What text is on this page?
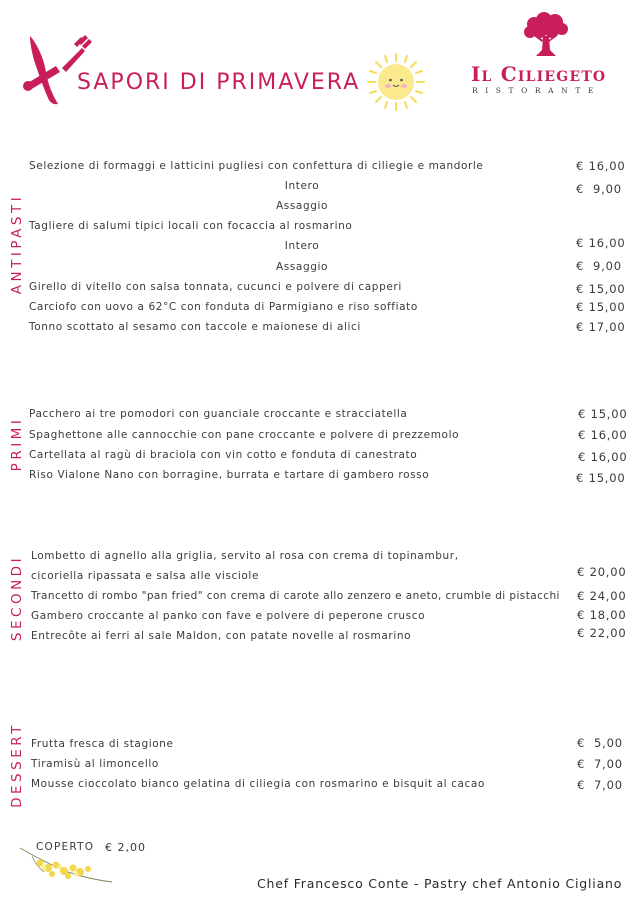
SAPORI DI PRIMAVERA	Il Ciliegeto
RISTORANTE
ANTIPASTI
Selezione di formaggi e latticini pugliesi con confettura di ciliegie e mandorle	€ 16,00
Intero	€  9,00
Assaggio
Tagliere di salumi tipici locali con focaccia al rosmarino
Intero	€ 16,00
Assaggio	€  9,00
Girello di vitello con salsa tonnata, cucunci e polvere di capperi	€ 15,00
Carciofo con uovo a 62°C con fonduta di Parmigiano e riso soffiato	€ 15,00
Tonno scottato al sesamo con taccole e maionese di alici	€ 17,00
PRIMI
Pacchero ai tre pomodori con guanciale croccante e stracciatella	€ 15,00
Spaghettone alle cannocchie con pane croccante e polvere di prezzemolo	€ 16,00
Cartellata al ragù di braciola con vin cotto e fonduta di canestrato	€ 16,00
Riso Vialone Nano con borragine, burrata e tartare di gambero rosso	€ 15,00
SECONDI Lombetto di agnello alla griglia, servito al rosa con crema di topinambur,
cicoriella ripassata e salsa alle visciole	€ 20,00
Trancetto di rombo "pan fried" con crema di carote allo zenzero e aneto, crumble di pistacchi € 24,00
Gambero croccante al panko con fave e polvere di peperone crusco	€ 18,00
Entrecôte ai ferri al sale Maldon, con patate novelle al rosmarino	€ 22,00
DESSERT Frutta fresca di stagione	€  5,00
Tiramisù al limoncello	€  7,00
Mousse cioccolato bianco gelatina di ciliegia con rosmarino e bisquit al cacao	€  7,00
COPERTO € 2,00
Chef Francesco Conte - Pastry chef Antonio Cigliano
